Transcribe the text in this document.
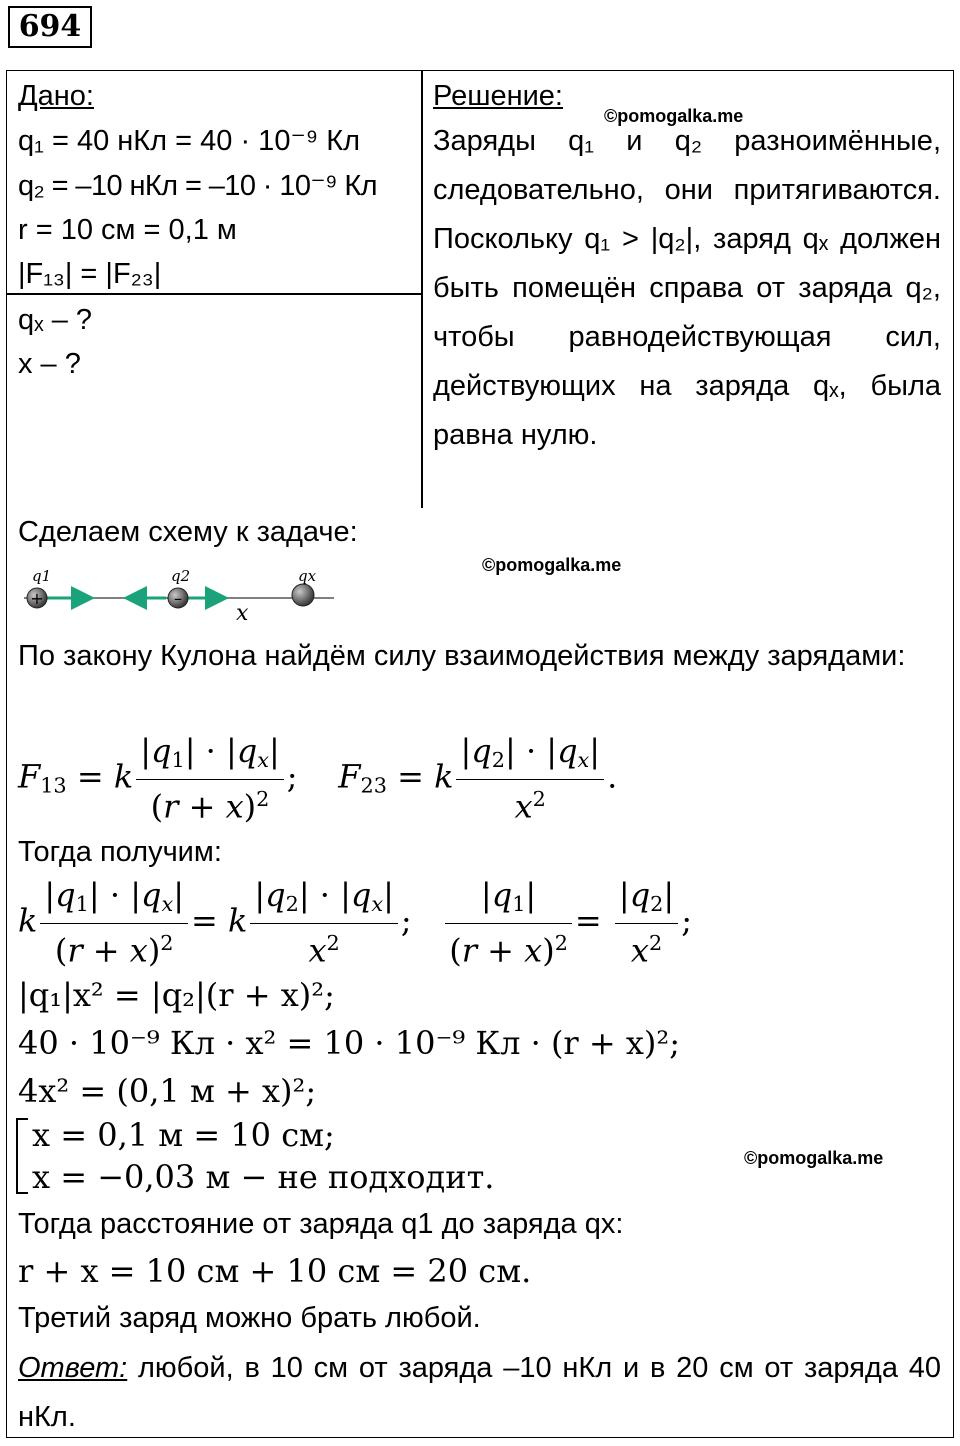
694
Дано:
q₁ = 40 нКл = 40 · 10⁻⁹ Кл
q₂ = –10 нКл = –10 · 10⁻⁹ Кл
r = 10 см = 0,1 м
|F₁₃| = |F₂₃|
qₓ – ?
x – ?
Решение:
©pomogalka.me
Заряды q₁ и q₂ разноимённые, следовательно, они притягиваются. Поскольку q₁ > |q₂|, заряд qₓ должен быть помещён справа от заряда q₂, чтобы равнодействующая сил, действующих на заряда qₓ, была равна нулю.
Сделаем схему к задаче:
©pomogalka.me
+	–
q1	q2	qx
x
По закону Кулона найдём силу взаимодействия между зарядами:
$F_{13} = k \frac{|q_1| \cdot |q_x|}{(r + x)^2}$ ;    $F_{23} = k \frac{|q_2| \cdot |q_x|}{x^2}$ .
Тогда получим:
k $\frac{|q_1| \cdot |q_x|}{(r + x)^2} = k \frac{|q_2| \cdot |q_x|}{x^2}$ ; $\frac{|q_1|}{(r + x)^2} = \frac{|q_2|}{x^2}$ ;
|q₁|x² = |q₂|(r + x)²;
40 · 10⁻⁹ Кл · x² = 10 · 10⁻⁹ Кл · (r + x)²;
4x² = (0,1 м + x)²;
x = 0,1 м = 10 см;
x = −0,03 м − не подходит.	©pomogalka.me
Тогда расстояние от заряда q1 до заряда qx:
r + x = 10 см + 10 см = 20 см.
Третий заряд можно брать любой.
Ответ: любой, в 10 см от заряда –10 нКл и в 20 см от заряда 40 нКл.
